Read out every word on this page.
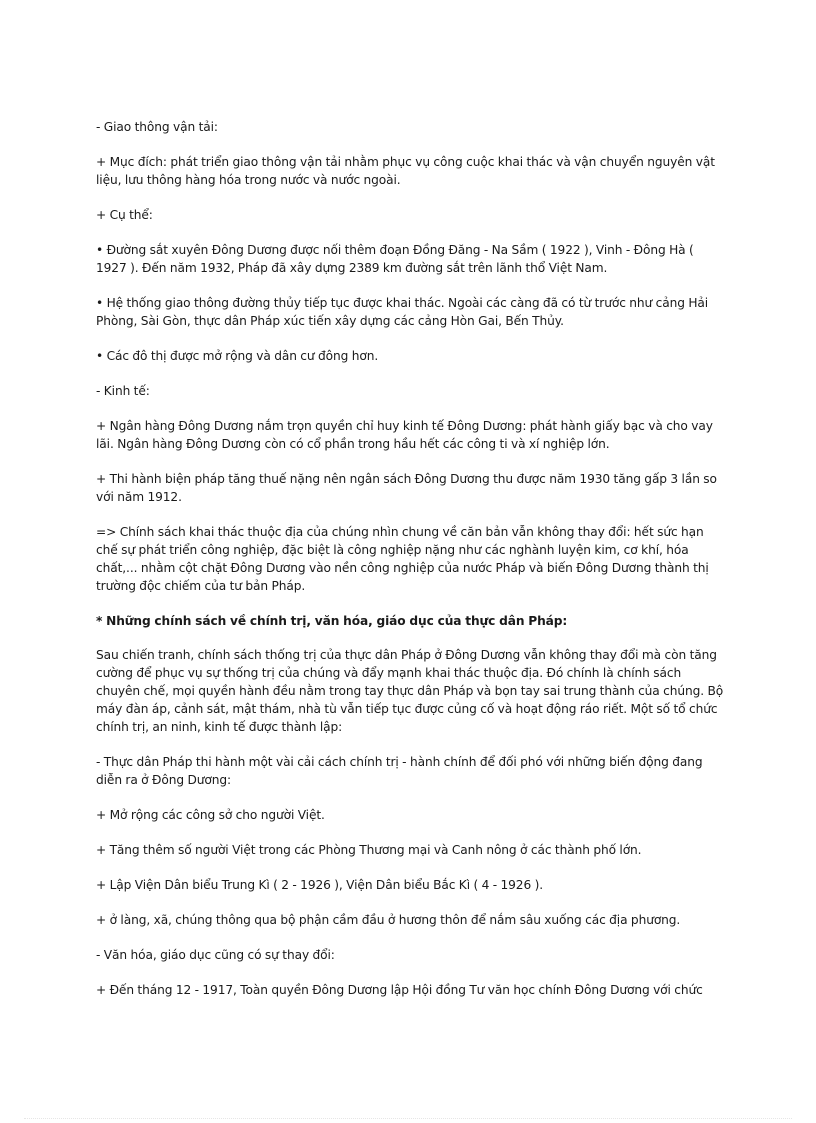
- Giao thông vận tải:

+ Mục đích: phát triển giao thông vận tải nhằm phục vụ công cuộc khai thác và vận chuyển nguyên vật liệu, lưu thông hàng hóa trong nước và nước ngoài.

+ Cụ thể:

• Đường sắt xuyên Đông Dương được nối thêm đoạn Đồng Đăng - Na Sầm ( 1922 ), Vinh - Đông Hà ( 1927 ). Đến năm 1932, Pháp đã xây dựng 2389 km đường sắt trên lãnh thổ Việt Nam.

• Hệ thống giao thông đường thủy tiếp tục được khai thác. Ngoài các càng đã có từ trước như cảng Hải Phòng, Sài Gòn, thực dân Pháp xúc tiến xây dựng các cảng Hòn Gai, Bến Thủy.

• Các đô thị được mở rộng và dân cư đông hơn.

- Kinh tế:

+ Ngân hàng Đông Dương nắm trọn quyền chỉ huy kinh tế Đông Dương: phát hành giấy bạc và cho vay lãi. Ngân hàng Đông Dương còn có cổ phần trong hầu hết các công ti và xí nghiệp lớn.

+ Thi hành biện pháp tăng thuế nặng nên ngân sách Đông Dương thu được năm 1930 tăng gấp 3 lần so với năm 1912.

=> Chính sách khai thác thuộc địa của chúng nhìn chung về căn bản vẫn không thay đổi: hết sức hạn chế sự phát triển công nghiệp, đặc biệt là công nghiệp nặng như các nghành luyện kim, cơ khí, hóa chất,... nhằm cột chặt Đông Dương vào nền công nghiệp của nước Pháp và biến Đông Dương thành thị trường độc chiếm của tư bản Pháp.

* Những chính sách về chính trị, văn hóa, giáo dục của thực dân Pháp:

Sau chiến tranh, chính sách thống trị của thực dân Pháp ở Đông Dương vẫn không thay đổi mà còn tăng cường để phục vụ sự thống trị của chúng và đẩy mạnh khai thác thuộc địa. Đó chính là chính sách chuyên chế, mọi quyền hành đều nằm trong tay thực dân Pháp và bọn tay sai trung thành của chúng. Bộ máy đàn áp, cảnh sát, mật thám, nhà tù vẫn tiếp tục được củng cố và hoạt động ráo riết. Một số tổ chức chính trị, an ninh, kinh tế được thành lập:

- Thực dân Pháp thi hành một vài cải cách chính trị - hành chính để đối phó với những biến động đang diễn ra ở Đông Dương:

+ Mở rộng các công sở cho người Việt.

+ Tăng thêm số người Việt trong các Phòng Thương mại và Canh nông ở các thành phố lớn.

+ Lập Viện Dân biểu Trung Kì ( 2 - 1926 ), Viện Dân biểu Bắc Kì ( 4 - 1926 ).

+ ở làng, xã, chúng thông qua bộ phận cầm đầu ở hương thôn để nắm sâu xuống các địa phương.

- Văn hóa, giáo dục cũng có sự thay đổi:

+ Đến tháng 12 - 1917, Toàn quyền Đông Dương lập Hội đồng Tư văn học chính Đông Dương với chức
